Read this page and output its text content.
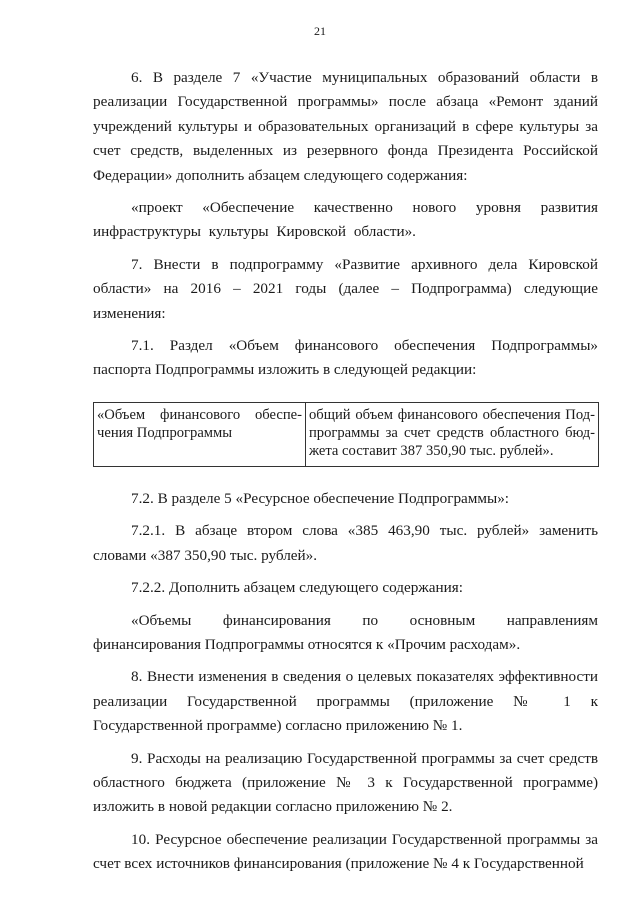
21

6. В разделе 7 «Участие муниципальных образований области в реализации Государственной программы» после абзаца «Ремонт зданий учреждений культуры и образовательных организаций в сфере культуры за счет средств, выделенных из резервного фонда Президента Российской Федерации» дополнить абзацем следующего содержания:

«проект «Обеспечение качественно нового уровня развития инфраструктуры культуры Кировской области».

7. Внести в подпрограмму «Развитие архивного дела Кировской области» на 2016 – 2021 годы (далее – Подпрограмма) следующие изменения:

7.1. Раздел «Объем финансового обеспечения Подпрограммы» паспорта Подпрограммы изложить в следующей редакции:

«Объем финансового обеспе-чения Подпрограммы	общий объем финансового обеспечения Под-программы за счет средств областного бюд-жета составит 387 350,90 тыс. рублей».

7.2. В разделе 5 «Ресурсное обеспечение Подпрограммы»:

7.2.1. В абзаце втором слова «385 463,90 тыс. рублей» заменить словами «387 350,90 тыс. рублей».

7.2.2. Дополнить абзацем следующего содержания:

«Объемы финансирования по основным направлениям финансирования Подпрограммы относятся к «Прочим расходам».

8. Внести изменения в сведения о целевых показателях эффективности реализации Государственной программы (приложение № 1 к Государственной программе) согласно приложению № 1.

9. Расходы на реализацию Государственной программы за счет средств областного бюджета (приложение № 3 к Государственной программе) изложить в новой редакции согласно приложению № 2.

10. Ресурсное обеспечение реализации Государственной программы за счет всех источников финансирования (приложение № 4 к Государственной
